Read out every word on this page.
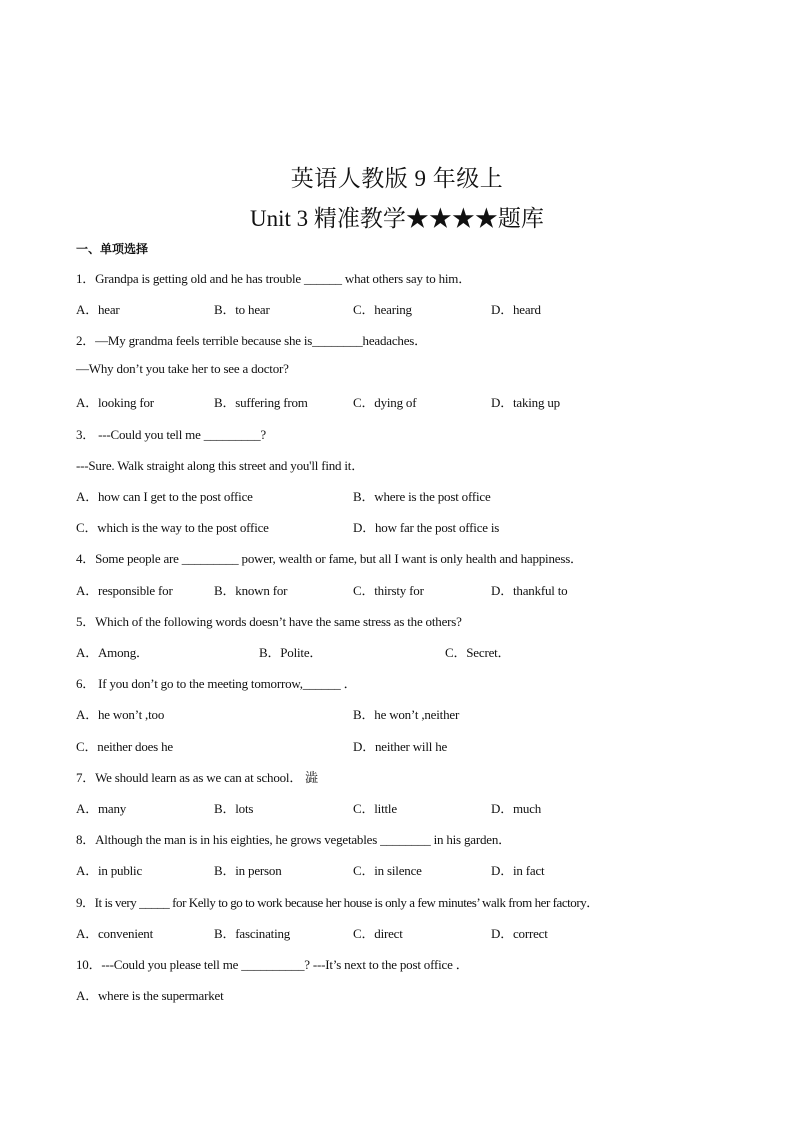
英语人教版 9 年级上
Unit 3 精准教学★★★★题库
一、单项选择
1．Grandpa is getting old and he has trouble ______ what others say to him．
A．hear	B．to hear	C．hearing	D．heard
2．—My grandma feels terrible because she is________headaches．
—Why don’t you take her to see a doctor?
A．looking for	B．suffering from	C．dying of	D．taking up
3． ---Could you tell me _________?
---Sure. Walk straight along this street and you'll find it．
A．how can I get to the post office	B．where is the post office
C．which is the way to the post office	D．how far the post office is
4．Some people are _________ power, wealth or fame, but all I want is only health and happiness．
A．responsible for	B．known for	C．thirsty for	D．thankful to
5．Which of the following words doesn’t have the same stress as the others?
A．Among．	B．Polite．	C．Secret．
6． If you don’t go to the meeting tomorrow,______ ．
A．he won’t ,too	B．he won’t ,neither
C．neither does he	D．neither will he
7．We should learn as as we can at school． 澁
A．many	B．lots	C．little	D．much
8．Although the man is in his eighties, he grows vegetables ________ in his garden．
A．in public	B．in person	C．in silence	D．in fact
9．It is very _____ for Kelly to go to work because her house is only a few minutes’ walk from her factory．
A．convenient	B．fascinating	C．direct	D．correct
10．---Could you please tell me __________? ---It’s next to the post office ．
A．where is the supermarket
